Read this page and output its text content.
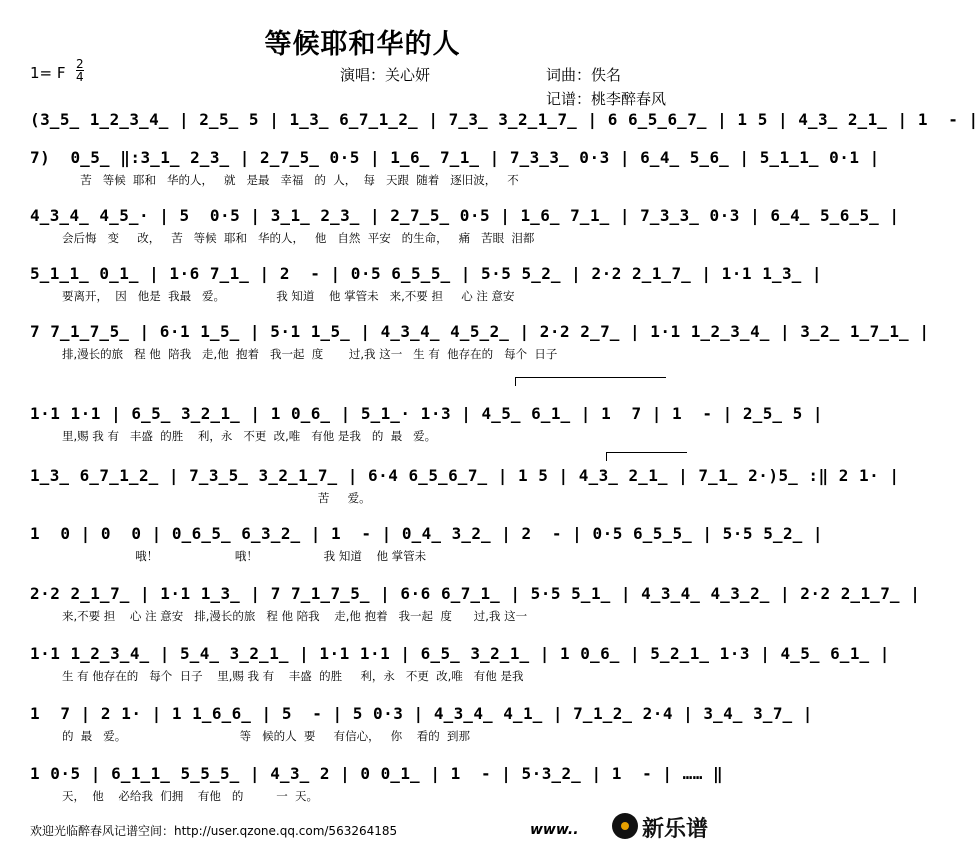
等候耶和华的人
1= F $\frac{2}{4}$	演唱：关心妍	词曲：佚名
记谱：桃李醉春风
(3̲5̲ 1̲2̲3̲4̲ | 2̲5̲ 5 | 1̲3̲ 6̲7̲1̲2̲ | 7̲3̲ 3̲2̲1̲7̲ | 6 6̲5̲6̲7̲ | 1 5 | 4̲3̲ 2̲1̲ | 1  - |
7)  0̲5̲ ‖:3̲1̲ 2̲3̲ | 2̲7̲5̲ 0·5 | 1̲6̲ 7̲1̲ | 7̲3̲3̲ 0·3 | 6̲4̲ 5̲6̲ | 5̲1̲1̲ 0·1 |
苦   等候  耶和   华的人，   就   是最   幸福   的  人，  每   天跟  随着   逐旧波，   不
4̲3̲4̲ 4̲5̲· | 5  0·5 | 3̲1̲ 2̲3̲ | 2̲7̲5̲ 0·5 | 1̲6̲ 7̲1̲ | 7̲3̲3̲ 0·3 | 6̲4̲ 5̲6̲5̲ |
会后悔   变     改，   苦   等候  耶和   华的人，   他   自然  平安   的生命，   痛   苦眼  泪都
5̲1̲1̲ 0̲1̲ | 1·6 7̲1̲ | 2  - | 0·5 6̲5̲5̲ | 5·5 5̲2̲ | 2·2 2̲1̲7̲ | 1·1 1̲3̲ |
要离开，  因   他是  我最   爱。              我 知道    他 掌管未   来,不要 担     心 注 意安
7 7̲1̲7̲5̲ | 6·1 1̲5̲ | 5·1 1̲5̲ | 4̲3̲4̲ 4̲5̲2̲ | 2·2 2̲7̲ | 1·1 1̲2̲3̲4̲ | 3̲2̲ 1̲7̲1̲ |
排,漫长的旅   程 他  陪我   走,他  抱着   我一起  度       过,我 这一   生 有  他存在的   每个  日子
1·1 1·1 | 6̲5̲ 3̲2̲1̲ | 1 0̲6̲ | 5̲1̲· 1·3 | 4̲5̲ 6̲1̲ | 1  7 | 1  - | 2̲5̲ 5 |
里,赐 我 有   丰盛  的胜    利，永   不更  改,唯   有他 是我   的  最   爱。
1̲3̲ 6̲7̲1̲2̲ | 7̲3̲5̲ 3̲2̲1̲7̲ | 6·4 6̲5̲6̲7̲ | 1 5 | 4̲3̲ 2̲1̲ | 7̲1̲ 2·)5̲ :‖ 2 1· |
苦     爱。
1  0 | 0  0 | 0̲6̲5̲ 6̲3̲2̲ | 1  - | 0̲4̲ 3̲2̲ | 2  - | 0·5 6̲5̲5̲ | 5·5 5̲2̲ |
哦！                     哦！                  我 知道    他 掌管未
2·2 2̲1̲7̲ | 1·1 1̲3̲ | 7 7̲1̲7̲5̲ | 6·6 6̲7̲1̲ | 5·5 5̲1̲ | 4̲3̲4̲ 4̲3̲2̲ | 2·2 2̲1̲7̲ |
来,不要 担    心 注 意安   排,漫长的旅   程 他 陪我    走,他 抱着   我一起  度      过,我 这一
1·1 1̲2̲3̲4̲ | 5̲4̲ 3̲2̲1̲ | 1·1 1·1 | 6̲5̲ 3̲2̲1̲ | 1 0̲6̲ | 5̲2̲1̲ 1·3 | 4̲5̲ 6̲1̲ |
生 有 他存在的   每个  日子    里,赐 我 有    丰盛  的胜     利，永   不更  改,唯   有他 是我
1  7 | 2 1· | 1 1̲6̲6̲ | 5  - | 5 0·3 | 4̲3̲4̲ 4̲1̲ | 7̲1̲2̲ 2·4 | 3̲4̲ 3̲7̲ |
的  最   爱。                               等   候的人  要     有信心，   你    看的  到那
1 0·5 | 6̲1̲1̲ 5̲5̲5̲ | 4̲3̲ 2 | 0 0̲1̲ | 1  - | 5·3̲2̲ | 1  - | …… ‖
天，  他    必给我  们拥    有他   的         一  天。
欢迎光临醉春风记谱空间：http://user.qzone.qq.com/563264185	www..	新乐谱
